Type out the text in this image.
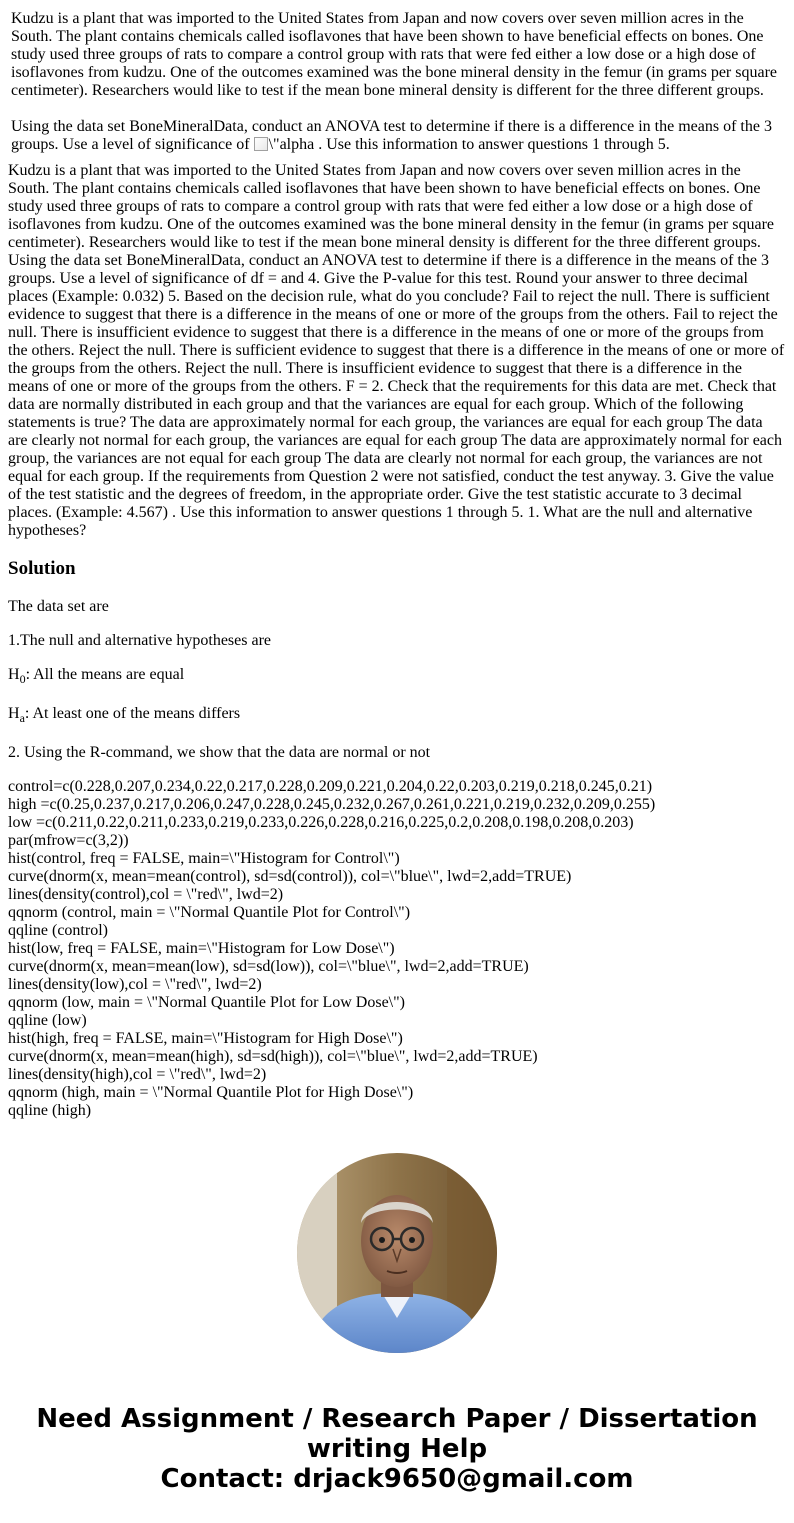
Kudzu is a plant that was imported to the United States from Japan and now covers over seven million acres in the South. The plant contains chemicals called isoflavones that have been shown to have beneficial effects on bones. One study used three groups of rats to compare a control group with rats that were fed either a low dose or a high dose of isoflavones from kudzu. One of the outcomes examined was the bone mineral density in the femur (in grams per square centimeter). Researchers would like to test if the mean bone mineral density is different for the three different groups.

Using the data set BoneMineralData, conduct an ANOVA test to determine if there is a difference in the means of the 3 groups. Use a level of significance of \"alpha . Use this information to answer questions 1 through 5.

Kudzu is a plant that was imported to the United States from Japan and now covers over seven million acres in the South. The plant contains chemicals called isoflavones that have been shown to have beneficial effects on bones. One study used three groups of rats to compare a control group with rats that were fed either a low dose or a high dose of isoflavones from kudzu. One of the outcomes examined was the bone mineral density in the femur (in grams per square centimeter). Researchers would like to test if the mean bone mineral density is different for the three different groups. Using the data set BoneMineralData, conduct an ANOVA test to determine if there is a difference in the means of the 3 groups. Use a level of significance of df = and 4. Give the P-value for this test. Round your answer to three decimal places (Example: 0.032) 5. Based on the decision rule, what do you conclude? Fail to reject the null. There is sufficient evidence to suggest that there is a difference in the means of one or more of the groups from the others. Fail to reject the null. There is insufficient evidence to suggest that there is a difference in the means of one or more of the groups from the others. Reject the null. There is sufficient evidence to suggest that there is a difference in the means of one or more of the groups from the others. Reject the null. There is insufficient evidence to suggest that there is a difference in the means of one or more of the groups from the others. F = 2. Check that the requirements for this data are met. Check that data are normally distributed in each group and that the variances are equal for each group. Which of the following statements is true? The data are approximately normal for each group, the variances are equal for each group The data are clearly not normal for each group, the variances are equal for each group The data are approximately normal for each group, the variances are not equal for each group The data are clearly not normal for each group, the variances are not equal for each group. If the requirements from Question 2 were not satisfied, conduct the test anyway. 3. Give the value of the test statistic and the degrees of freedom, in the appropriate order. Give the test statistic accurate to 3 decimal places. (Example: 4.567) . Use this information to answer questions 1 through 5. 1. What are the null and alternative hypotheses?

Solution

The data set are

1.The null and alternative hypotheses are

$H_0$: All the means are equal

$H_a$: At least one of the means differs

2. Using the R-command, we show that the data are normal or not

control=c(0.228,0.207,0.234,0.22,0.217,0.228,0.209,0.221,0.204,0.22,0.203,0.219,0.218,0.245,0.21)
high =c(0.25,0.237,0.217,0.206,0.247,0.228,0.245,0.232,0.267,0.261,0.221,0.219,0.232,0.209,0.255)
low =c(0.211,0.22,0.211,0.233,0.219,0.233,0.226,0.228,0.216,0.225,0.2,0.208,0.198,0.208,0.203)
par(mfrow=c(3,2))
hist(control, freq = FALSE, main=\"Histogram for Control\")
curve(dnorm(x, mean=mean(control), sd=sd(control)), col=\"blue\", lwd=2,add=TRUE)
lines(density(control),col = \"red\", lwd=2)
qqnorm (control, main = \"Normal Quantile Plot for Control\")
qqline (control)
hist(low, freq = FALSE, main=\"Histogram for Low Dose\")
curve(dnorm(x, mean=mean(low), sd=sd(low)), col=\"blue\", lwd=2,add=TRUE)
lines(density(low),col = \"red\", lwd=2)
qqnorm (low, main = \"Normal Quantile Plot for Low Dose\")
qqline (low)
hist(high, freq = FALSE, main=\"Histogram for High Dose\")
curve(dnorm(x, mean=mean(high), sd=sd(high)), col=\"blue\", lwd=2,add=TRUE)
lines(density(high),col = \"red\", lwd=2)
qqnorm (high, main = \"Normal Quantile Plot for High Dose\")
qqline (high)
Need Assignment / Research Paper / Dissertation
writing Help
Contact: drjack9650@gmail.com
